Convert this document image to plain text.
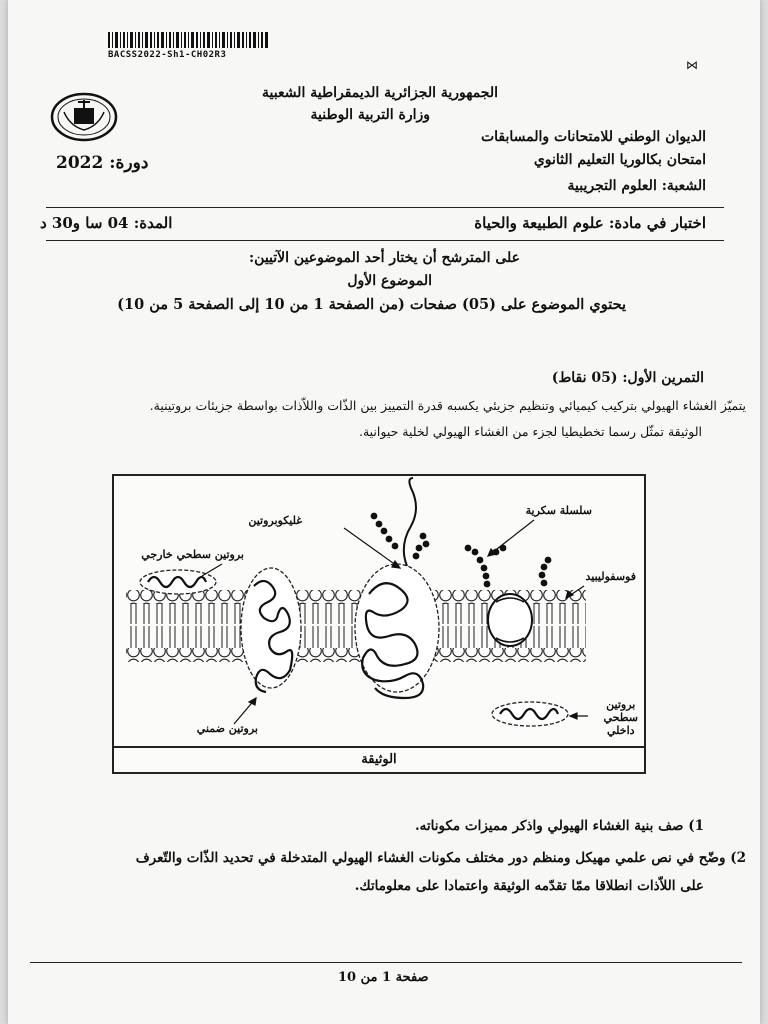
BACSS2022-Sh1-CH02R3
⋈
الجمهورية الجزائرية الديمقراطية الشعبية
وزارة التربية الوطنية
الديوان الوطني للامتحانات والمسابقات
امتحان بكالوريا التعليم الثانوي
الشعبة: العلوم التجريبية
دورة: 2022
اختبار في مادة: علوم الطبيعة والحياة
المدة: 04 سا و30 د
على المترشح أن يختار أحد الموضوعين الآتيين:
الموضوع الأول
يحتوي الموضوع على (05) صفحات (من الصفحة 1 من 10 إلى الصفحة 5 من 10)
التمرين الأول: (05 نقاط)
يتميّز الغشاء الهيولي بتركيب كيميائي وتنظيم جزيئي يكسبه قدرة التمييز بين الذّات واللاّذات بواسطة جزيئات بروتينية.
الوثيقة تمثّل رسما تخطيطيا لجزء من الغشاء الهيولي لخلية حيوانية.
غليكوبروتين
سلسلة سكرية
بروتين سطحي خارجي
فوسفوليبيد
بروتين ضمني
بروتين
سطحي
داخلي
الوثيقة
1) صف بنية الغشاء الهيولي واذكر مميزات مكوناته.
2) وضّح في نص علمي مهيكل ومنظم دور مختلف مكونات الغشاء الهيولي المتدخلة في تحديد الذّات والتّعرف
على اللاّذات انطلاقا ممّا تقدّمه الوثيقة واعتمادا على معلوماتك.
صفحة 1 من 10
